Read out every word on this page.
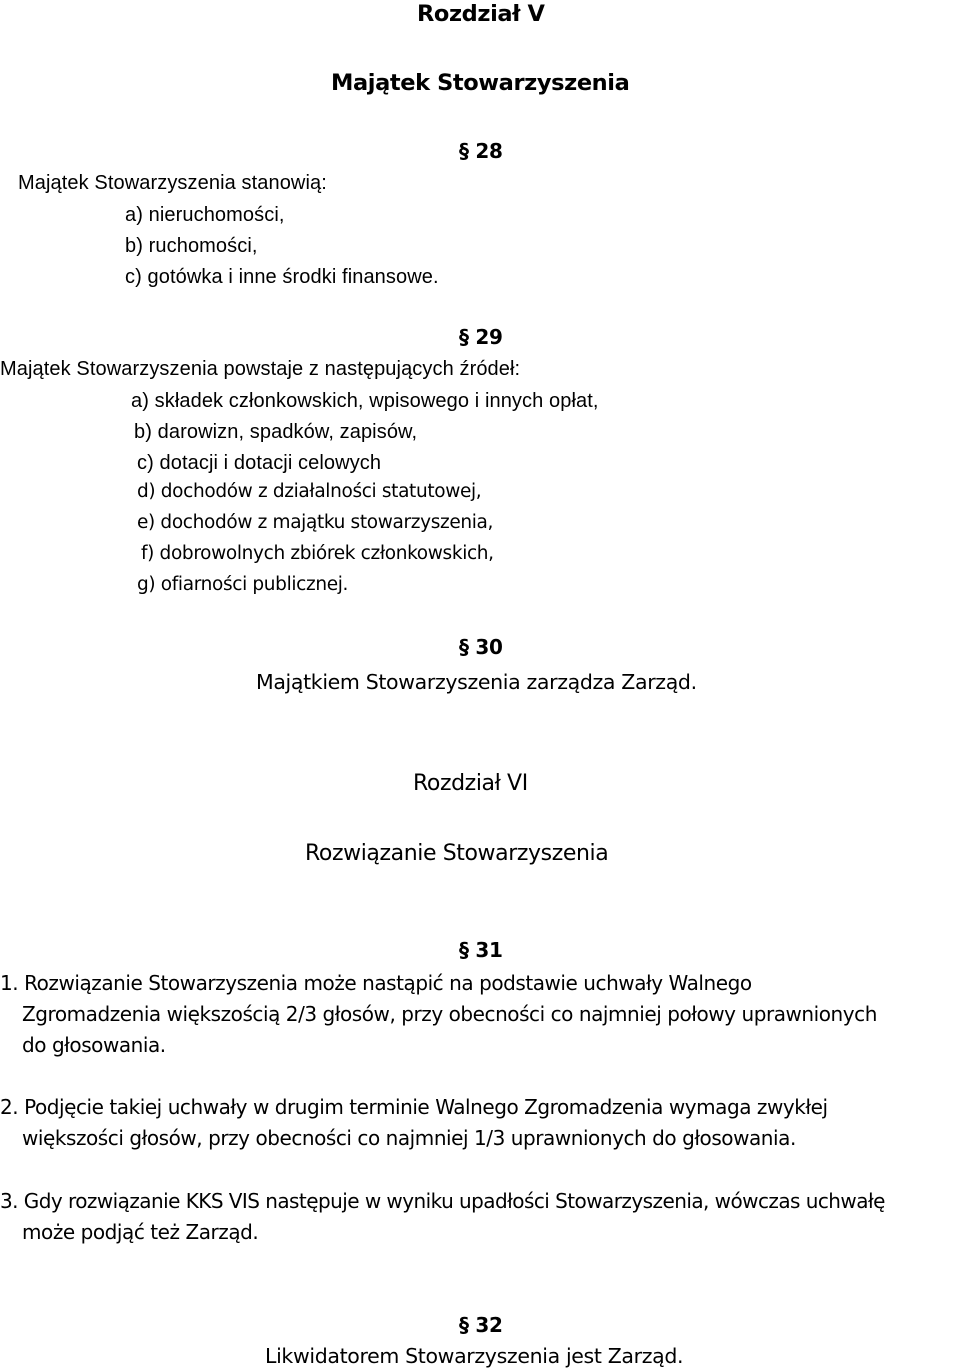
Rozdział V
Majątek Stowarzyszenia
§ 28
Majątek Stowarzyszenia stanowią:
a) nieruchomości,
b) ruchomości,
c) gotówka i inne środki finansowe.
§ 29
Majątek Stowarzyszenia powstaje z następujących źródeł:
a) składek członkowskich, wpisowego i innych opłat,
b) darowizn, spadków, zapisów,
c) dotacji i dotacji celowych
d) dochodów z działalności statutowej,
e) dochodów z majątku stowarzyszenia,
f) dobrowolnych zbiórek członkowskich,
g) ofiarności publicznej.
§ 30
Majątkiem Stowarzyszenia zarządza Zarząd.
Rozdział VI
Rozwiązanie Stowarzyszenia
§ 31
1. Rozwiązanie Stowarzyszenia może nastąpić na podstawie uchwały Walnego
Zgromadzenia większością 2/3 głosów, przy obecności co najmniej połowy uprawnionych
do głosowania.
2. Podjęcie takiej uchwały w drugim terminie Walnego Zgromadzenia wymaga zwykłej
większości głosów, przy obecności co najmniej 1/3 uprawnionych do głosowania.
3. Gdy rozwiązanie KKS VIS następuje w wyniku upadłości Stowarzyszenia, wówczas uchwałę
może podjąć też Zarząd.
§ 32
Likwidatorem Stowarzyszenia jest Zarząd.
